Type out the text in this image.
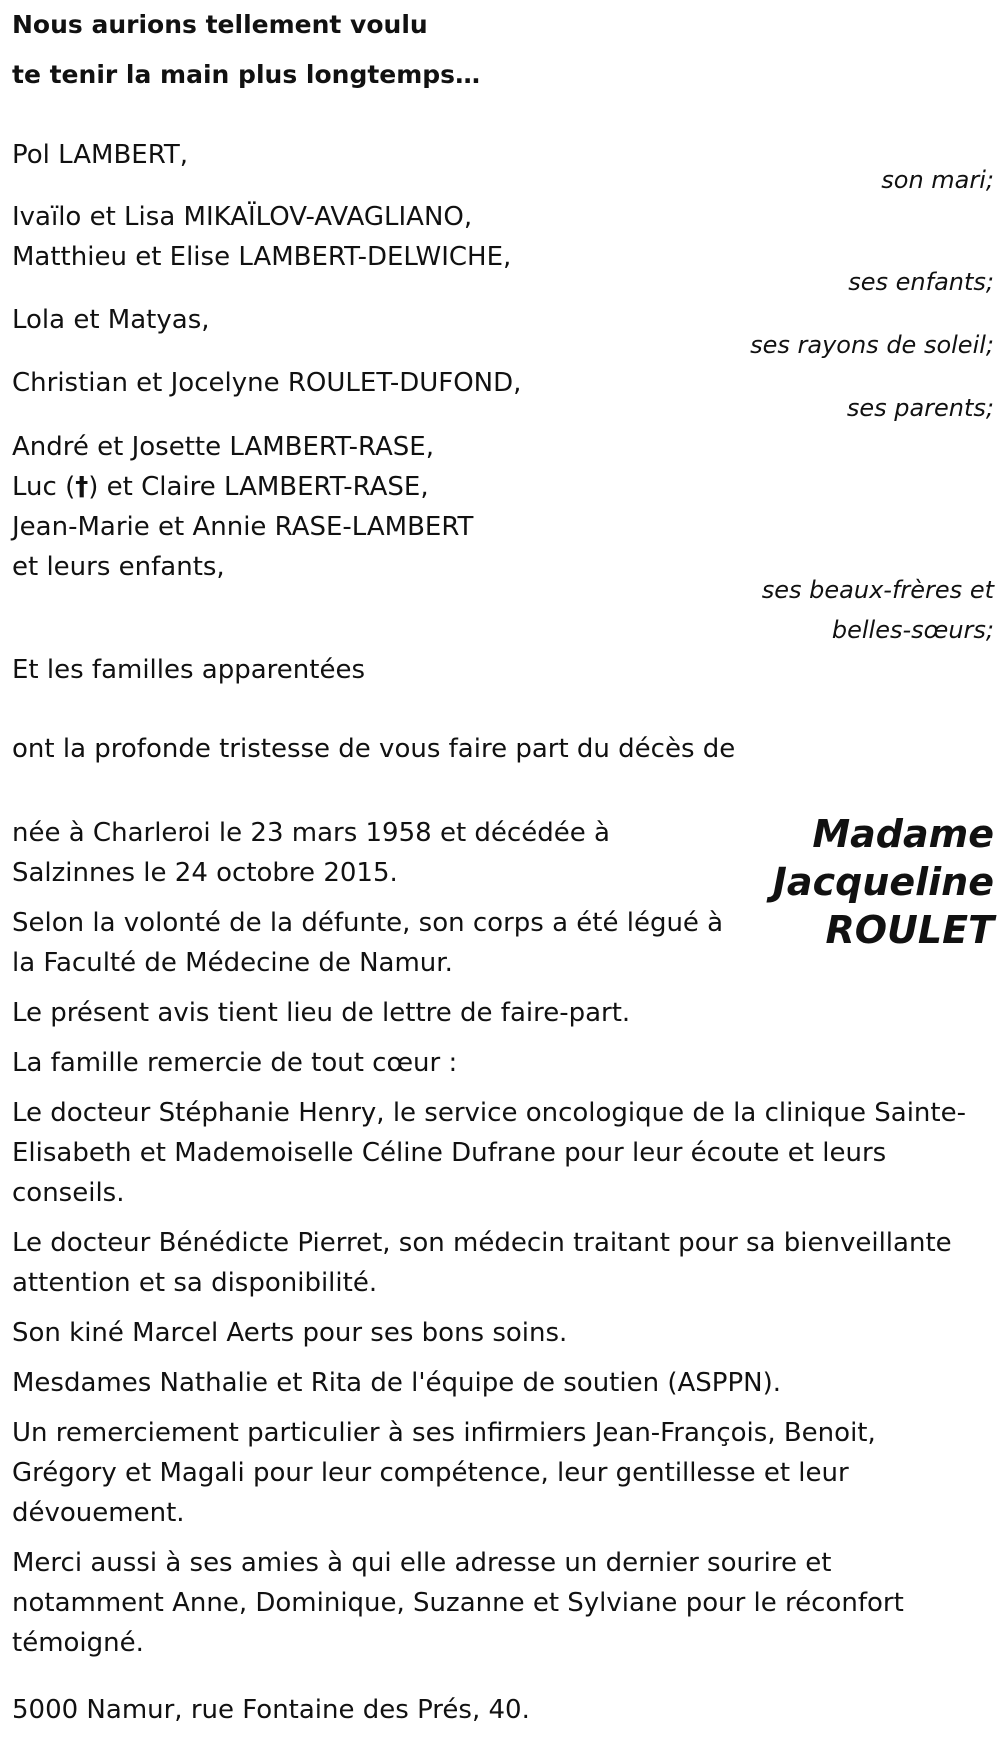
Nous aurions tellement voulu
te tenir la main plus longtemps…
Pol LAMBERT,
son mari;
Ivaïlo et Lisa MIKAÏLOV-AVAGLIANO,
Matthieu et Elise LAMBERT-DELWICHE,
ses enfants;
Lola et Matyas,
ses rayons de soleil;
Christian et Jocelyne ROULET-DUFOND,
ses parents;
André et Josette LAMBERT-RASE,
Luc (†) et Claire LAMBERT-RASE,
Jean-Marie et Annie RASE-LAMBERT
et leurs enfants,
ses beaux-frères et
belles-sœurs;
Et les familles apparentées
ont la profonde tristesse de vous faire part du décès de
Madame
Jacqueline
ROULET
née à Charleroi le 23 mars 1958 et décédée à
Salzinnes le 24 octobre 2015.
Selon la volonté de la défunte, son corps a été légué à
la Faculté de Médecine de Namur.
Le présent avis tient lieu de lettre de faire-part.
La famille remercie de tout cœur :
Le docteur Stéphanie Henry, le service oncologique de la clinique Sainte-Elisabeth et Mademoiselle Céline Dufrane pour leur écoute et leurs conseils.
Le docteur Bénédicte Pierret, son médecin traitant pour sa bienveillante attention et sa disponibilité.
Son kiné Marcel Aerts pour ses bons soins.
Mesdames Nathalie et Rita de l'équipe de soutien (ASPPN).
Un remerciement particulier à ses infirmiers Jean-François, Benoit, Grégory et Magali pour leur compétence, leur gentillesse et leur dévouement.
Merci aussi à ses amies à qui elle adresse un dernier sourire et notamment Anne, Dominique, Suzanne et Sylviane pour le réconfort témoigné.
5000 Namur, rue Fontaine des Prés, 40.
